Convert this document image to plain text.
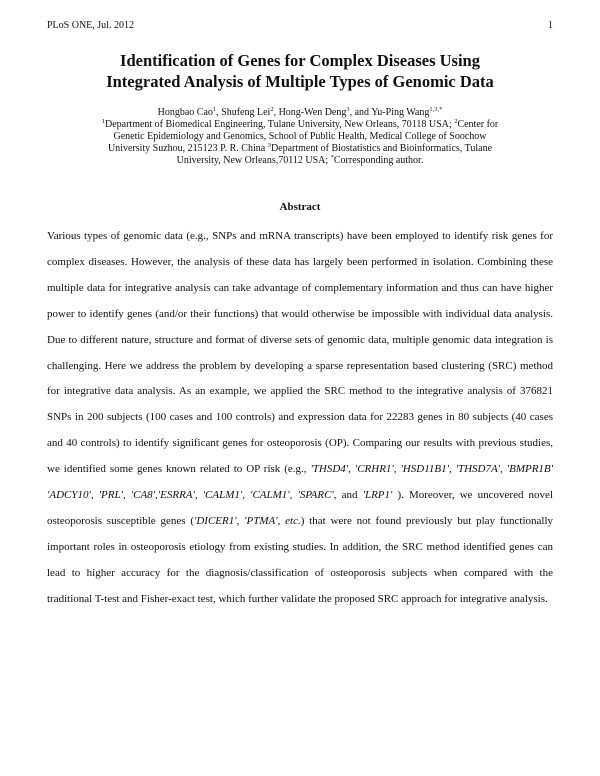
PLoS ONE, Jul. 2012	1
Identification of Genes for Complex Diseases Using
Integrated Analysis of Multiple Types of Genomic Data
Hongbao Cao$^1$, Shufeng Lei$^2$, Hong-Wen Deng$^3$, and Yu-Ping Wang$^{1,3,*}$
$^1$Department of Biomedical Engineering, Tulane University, New Orleans, 70118 USA; $^2$Center for Genetic Epidemiology and Genomics, School of Public Health, Medical College of Soochow University Suzhou, 215123 P. R. China $^3$Department of Biostatistics and Bioinformatics, Tulane University, New Orleans,70112 USA; *Corresponding author.
Abstract
Various types of genomic data (e.g., SNPs and mRNA transcripts) have been employed to identify risk genes for complex diseases. However, the analysis of these data has largely been performed in isolation. Combining these multiple data for integrative analysis can take advantage of complementary information and thus can have higher power to identify genes (and/or their functions) that would otherwise be impossible with individual data analysis. Due to different nature, structure and format of diverse sets of genomic data, multiple genomic data integration is challenging. Here we address the problem by developing a sparse representation based clustering (SRC) method for integrative data analysis. As an example, we applied the SRC method to the integrative analysis of 376821 SNPs in 200 subjects (100 cases and 100 controls) and expression data for 22283 genes in 80 subjects (40 cases and 40 controls) to identify significant genes for osteoporosis (OP). Comparing our results with previous studies, we identified some genes known related to OP risk (e.g., 'THSD4', 'CRHR1', 'HSD11B1', 'THSD7A', 'BMPR1B' 'ADCY10', 'PRL', 'CA8','ESRRA', 'CALM1', 'CALM1', 'SPARC', and 'LRP1' ). Moreover, we uncovered novel osteoporosis susceptible genes ('DICER1', 'PTMA', etc.) that were not found previously but play functionally important roles in osteoporosis etiology from existing studies. In addition, the SRC method identified genes can lead to higher accuracy for the diagnosis/classification of osteoporosis subjects when compared with the traditional T-test and Fisher-exact test, which further validate the proposed SRC approach for integrative analysis.
